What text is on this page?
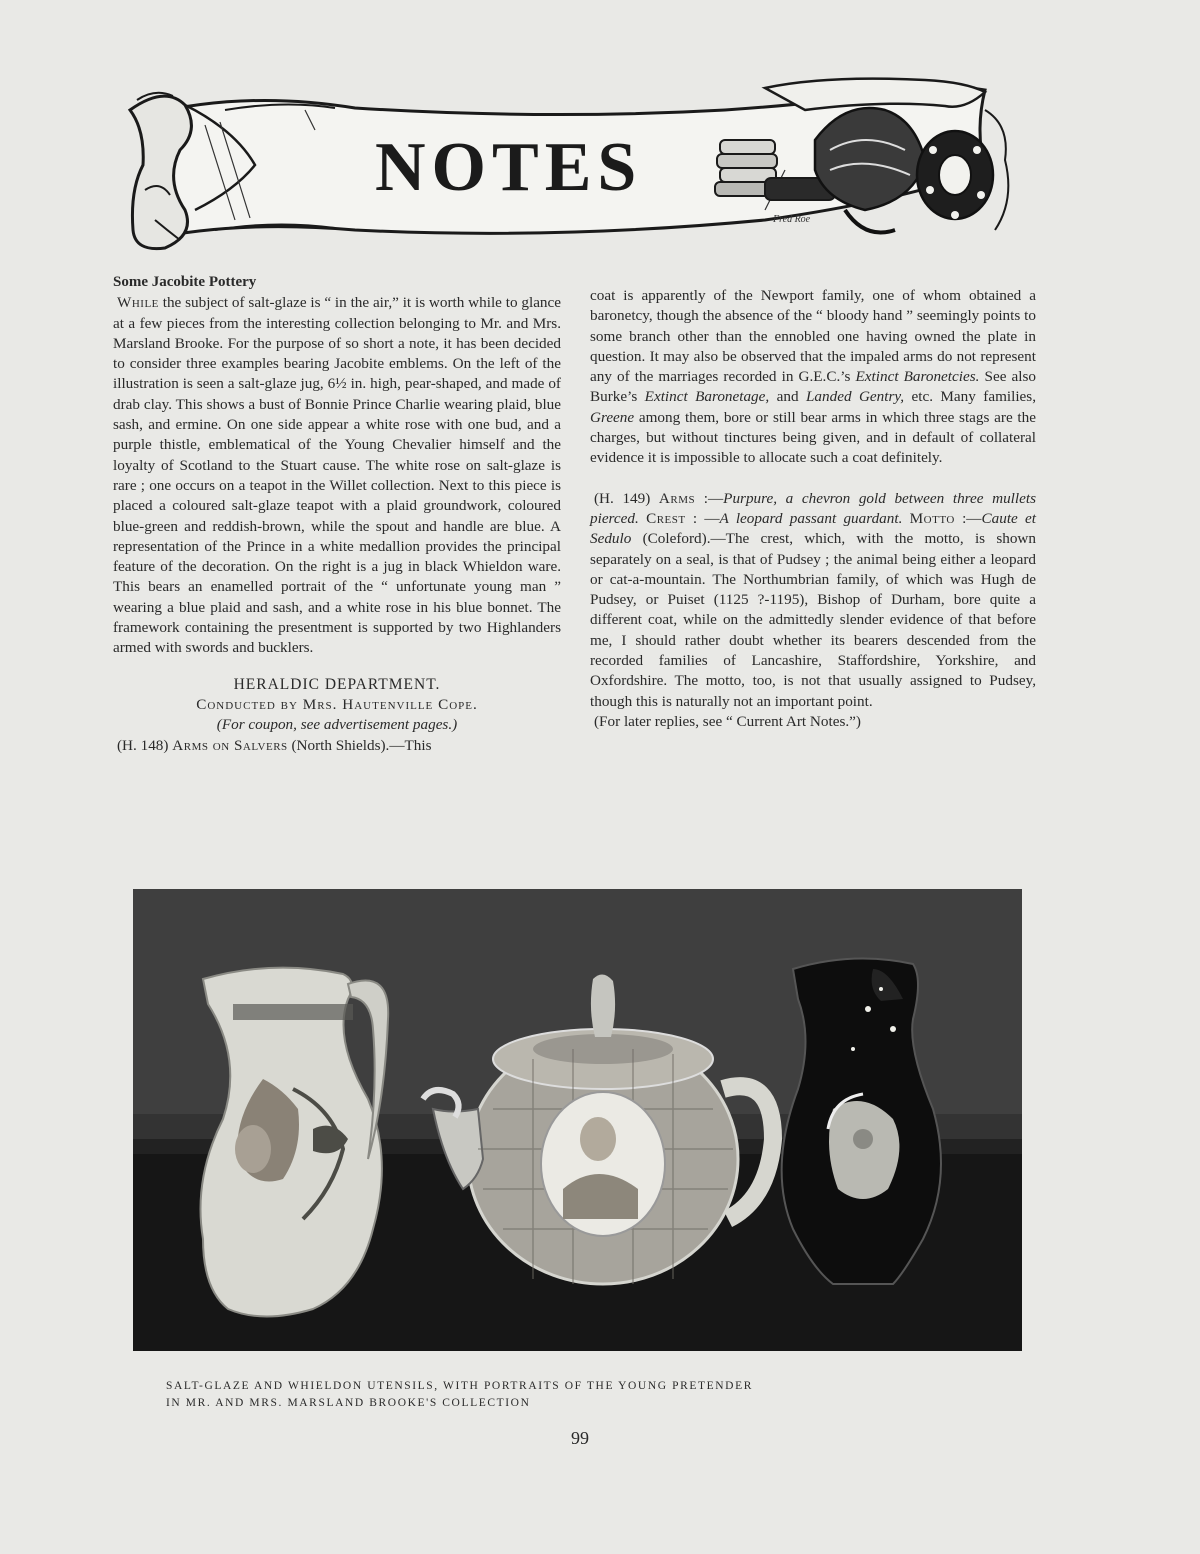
NOTES
Fred Roe
Some Jacobite Pottery

While the subject of salt-glaze is “ in the air,” it is worth while to glance at a few pieces from the interesting collection belonging to Mr. and Mrs. Marsland Brooke. For the purpose of so short a note, it has been decided to consider three examples bearing Jacobite emblems. On the left of the illustration is seen a salt-glaze jug, 6½ in. high, pear-shaped, and made of drab clay. This shows a bust of Bonnie Prince Charlie wearing plaid, blue sash, and ermine. On one side appear a white rose with one bud, and a purple thistle, emblematical of the Young Chevalier himself and the loyalty of Scotland to the Stuart cause. The white rose on salt-glaze is rare ; one occurs on a teapot in the Willet collection. Next to this piece is placed a coloured salt-glaze teapot with a plaid groundwork, coloured blue-green and reddish-brown, while the spout and handle are blue. A representation of the Prince in a white medallion provides the principal feature of the decoration. On the right is a jug in black Whieldon ware. This bears an enamelled portrait of the “ unfortunate young man ” wearing a blue plaid and sash, and a white rose in his blue bonnet. The framework containing the presentment is supported by two Highlanders armed with swords and bucklers.

HERALDIC DEPARTMENT.
Conducted by Mrs. Hautenville Cope.
(For coupon, see advertisement pages.)

(H. 148) Arms on Salvers (North Shields).—This

coat is apparently of the Newport family, one of whom obtained a baronetcy, though the absence of the “ bloody hand ” seemingly points to some branch other than the ennobled one having owned the plate in question. It may also be observed that the impaled arms do not represent any of the marriages recorded in G.E.C.’s Extinct Baronetcies. See also Burke’s Extinct Baronetage, and Landed Gentry, etc. Many families, Greene among them, bore or still bear arms in which three stags are the charges, but without tinctures being given, and in default of collateral evidence it is impossible to allocate such a coat definitely.

(H. 149) Arms :—Purpure, a chevron gold between three mullets pierced. Crest : —A leopard passant guardant. Motto :—Caute et Sedulo (Coleford).—The crest, which, with the motto, is shown separately on a seal, is that of Pudsey ; the animal being either a leopard or cat-a-mountain. The Northumbrian family, of which was Hugh de Pudsey, or Puiset (1125 ?-1195), Bishop of Durham, bore quite a different coat, while on the admittedly slender evidence of that before me, I should rather doubt whether its bearers descended from the recorded families of Lancashire, Staffordshire, Yorkshire, and Oxfordshire. The motto, too, is not that usually assigned to Pudsey, though this is naturally not an important point.

(For later replies, see “ Current Art Notes.”)

SALT-GLAZE AND WHIELDON UTENSILS, WITH PORTRAITS OF THE YOUNG PRETENDER
IN MR. AND MRS. MARSLAND BROOKE'S COLLECTION
99
